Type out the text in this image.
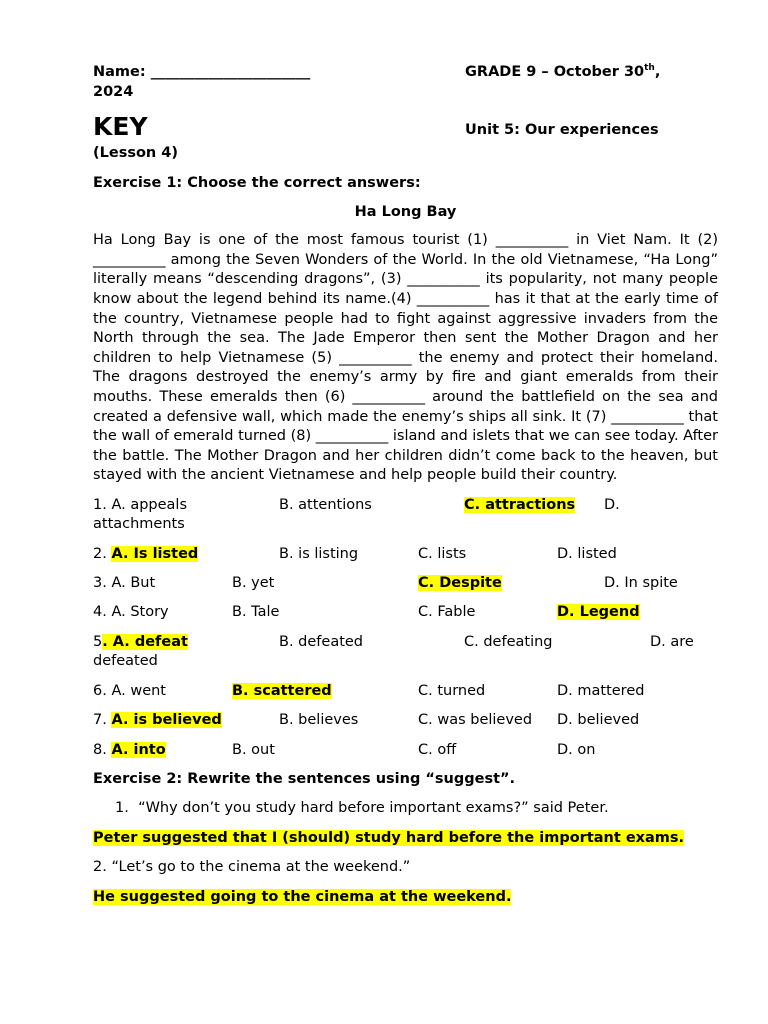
Name: ______________________	GRADE 9 – October 30th,
2024
KEY	Unit 5: Our experiences
(Lesson 4)
Exercise 1: Choose the correct answers:
Ha Long Bay
Ha Long Bay is one of the most famous tourist (1) __________ in Viet Nam. It (2) __________ among the Seven Wonders of the World. In the old Vietnamese, “Ha Long” literally means “descending dragons”, (3) __________ its popularity, not many people know about the legend behind its name.(4) __________ has it that at the early time of the country, Vietnamese people had to fight against aggressive invaders from the North through the sea. The Jade Emperor then sent the Mother Dragon and her children to help Vietnamese (5) __________ the enemy and protect their homeland. The dragons destroyed the enemy’s army by fire and giant emeralds from their mouths. These emeralds then (6) __________ around the battlefield on the sea and created a defensive wall, which made the enemy’s ships all sink. It (7) __________ that the wall of emerald turned (8) __________ island and islets that we can see today. After the battle. The Mother Dragon and her children didn’t come back to the heaven, but stayed with the ancient Vietnamese and help people build their country.
1. A. appeals	B. attentions	C. attractions D.
attachments
2. A. Is listed	B. is listing	C. lists	D. listed
3. A. But	B. yet	C. Despite	D. In spite
4. A. Story	B. Tale	C. Fable	D. Legend
5. A. defeat	B. defeated	C. defeating	D. are
defeated
6. A. went	B. scattered	C. turned	D. mattered
7. A. is believed	B. believes	C. was believed D. believed
8. A. into	B. out	C. off	D. on
Exercise 2: Rewrite the sentences using “suggest”.
1. “Why don’t you study hard before important exams?” said Peter.
Peter suggested that I (should) study hard before the important exams.
2. “Let’s go to the cinema at the weekend.”
He suggested going to the cinema at the weekend.
